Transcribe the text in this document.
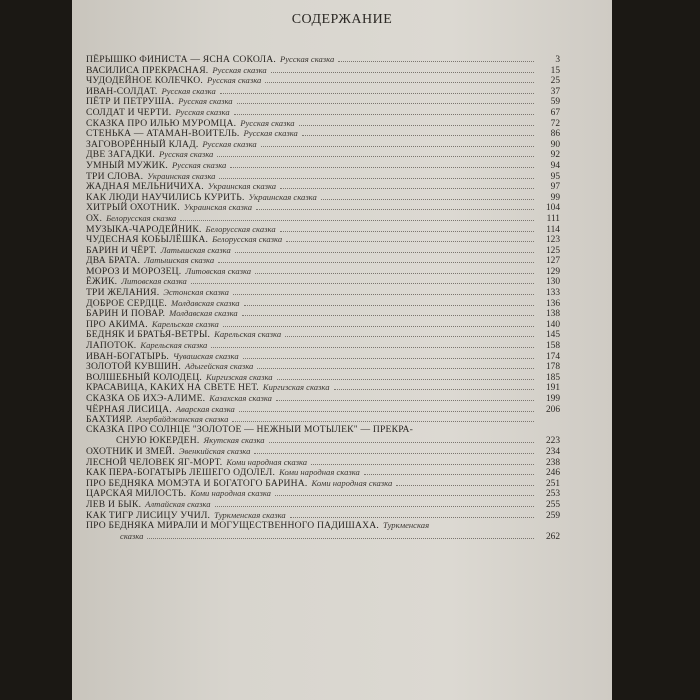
СОДЕРЖАНИЕ
ПЁРЫШКО ФИНИСТА — ЯСНА СОКОЛА. Русская сказка	3
ВАСИЛИСА ПРЕКРАСНАЯ. Русская сказка	15
ЧУДОДЕЙНОЕ КОЛЕЧКО. Русская сказка	25
ИВАН-СОЛДАТ. Русская сказка	37
ПЁТР И ПЕТРУША. Русская сказка	59
СОЛДАТ И ЧЕРТИ. Русская сказка	67
СКАЗКА ПРО ИЛЬЮ МУРОМЦА. Русская сказка	72
СТЕНЬКА — АТАМАН-ВОИТЕЛЬ. Русская сказка	86
ЗАГОВОРЁННЫЙ КЛАД. Русская сказка	90
ДВЕ ЗАГАДКИ. Русская сказка	92
УМНЫЙ МУЖИК. Русская сказка	94
ТРИ СЛОВА. Украинская сказка	95
ЖАДНАЯ МЕЛЬНИЧИХА. Украинская сказка	97
КАК ЛЮДИ НАУЧИЛИСЬ КУРИТЬ. Украинская сказка	99
ХИТРЫЙ ОХОТНИК. Украинская сказка	104
ОХ. Белорусская сказка	111
МУЗЫКА-ЧАРОДЕЙНИК. Белорусская сказка	114
ЧУДЕСНАЯ КОБЫЛЁШКА. Белорусская сказка	123
БАРИН И ЧЁРТ. Латышская сказка	125
ДВА БРАТА. Латышская сказка	127
МОРОЗ И МОРОЗЕЦ. Литовская сказка	129
ЁЖИК. Литовская сказка	130
ТРИ ЖЕЛАНИЯ. Эстонская сказка	133
ДОБРОЕ СЕРДЦЕ. Молдавская сказка	136
БАРИН И ПОВАР. Молдавская сказка	138
ПРО АКИМА. Карельская сказка	140
БЕДНЯК И БРАТЬЯ-ВЕТРЫ. Карельская сказка	145
ЛАПОТОК. Карельская сказка	158
ИВАН-БОГАТЫРЬ. Чувашская сказка	174
ЗОЛОТОЙ КУВШИН. Адыгейская сказка	178
ВОЛШЕБНЫЙ КОЛОДЕЦ. Киргизская сказка	185
КРАСАВИЦА, КАКИХ НА СВЕТЕ НЕТ. Киргизская сказка	191
СКАЗКА ОБ ИХЭ-АЛИМЕ. Казахская сказка	199
ЧЁРНАЯ ЛИСИЦА. Аварская сказка	206
БАХТИЯР. Азербайджанская сказка
СКАЗКА ПРО СОЛНЦЕ "ЗОЛОТОЕ — НЕЖНЫЙ МОТЫЛЁК" — ПРЕКРА-
СНУЮ ЮКЕРДЕН. Якутская сказка	223
ОХОТНИК И ЗМЕЙ. Эвенкийская сказка	234
ЛЕСНОЙ ЧЕЛОВЕК ЯГ-МОРТ. Коми народная сказка	238
КАК ПЕРА-БОГАТЫРЬ ЛЕШЕГО ОДОЛЕЛ. Коми народная сказка	246
ПРО БЕДНЯКА МОМЭТА И БОГАТОГО БАРИНА. Коми народная сказка	251
ЦАРСКАЯ МИЛОСТЬ. Коми народная сказка	253
ЛЕВ И БЫК. Алтайская сказка	255
КАК ТИГР ЛИСИЦУ УЧИЛ. Туркменская сказка	259
ПРО БЕДНЯКА МИРАЛИ И МОГУЩЕСТВЕННОГО ПАДИШАХА. Туркменская
сказка	262
